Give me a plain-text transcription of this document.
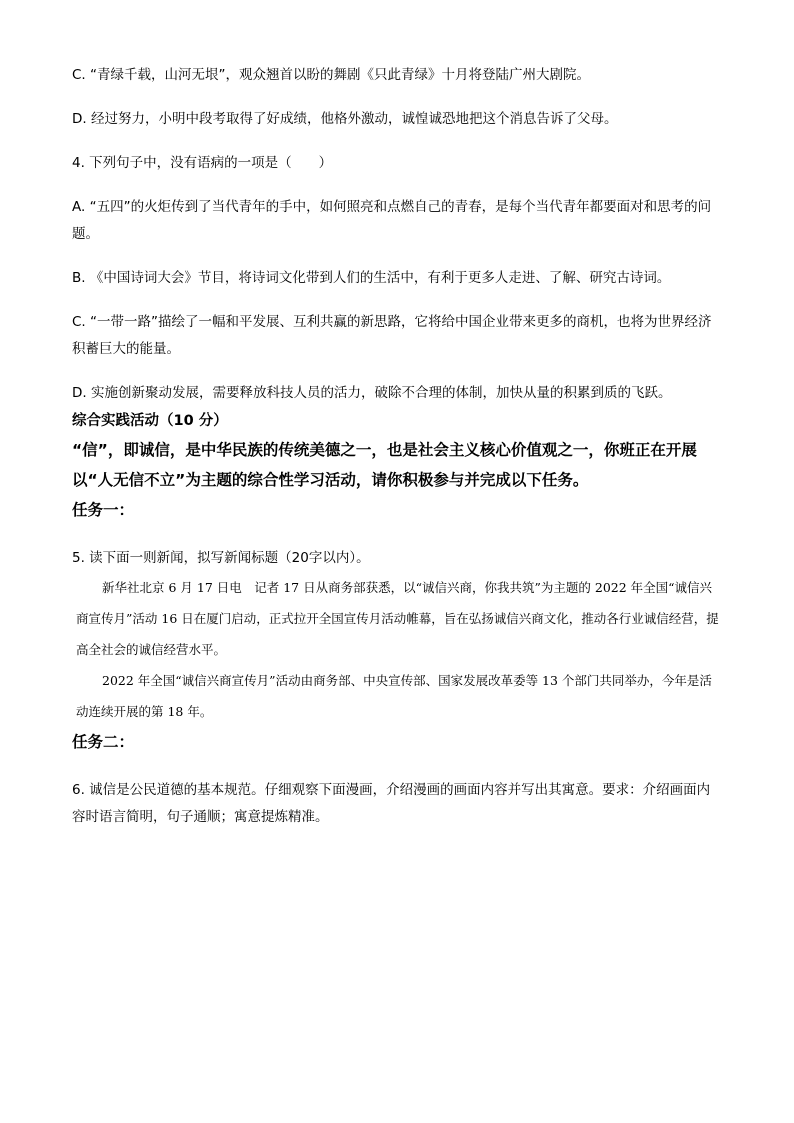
C. “青绿千载，山河无垠”，观众翘首以盼的舞剧《只此青绿》十月将登陆广州大剧院。

D. 经过努力，小明中段考取得了好成绩，他格外激动，诚惶诚恐地把这个消息告诉了父母。

4. 下列句子中，没有语病的一项是（　　）

A. “五四”的火炬传到了当代青年的手中，如何照亮和点燃自己的青春，是每个当代青年都要面对和思考的问题。

B. 《中国诗词大会》节目，将诗词文化带到人们的生活中，有利于更多人走进、了解、研究古诗词。

C. “一带一路”描绘了一幅和平发展、互利共赢的新思路，它将给中国企业带来更多的商机，也将为世界经济积蓄巨大的能量。

D. 实施创新聚动发展，需要释放科技人员的活力，破除不合理的体制，加快从量的积累到质的飞跃。

综合实践活动（10 分）

“信”，即诚信，是中华民族的传统美德之一，也是社会主义核心价值观之一，你班正在开展以“人无信不立”为主题的综合性学习活动，请你积极参与并完成以下任务。

任务一：

5. 读下面一则新闻，拟写新闻标题（20字以内）。

新华社北京 6 月 17 日电　记者 17 日从商务部获悉，以“诚信兴商，你我共筑”为主题的 2022 年全国“诚信兴商宣传月”活动 16 日在厦门启动，正式拉开全国宣传月活动帷幕，旨在弘扬诚信兴商文化，推动各行业诚信经营，提高全社会的诚信经营水平。

2022 年全国“诚信兴商宣传月”活动由商务部、中央宣传部、国家发展改革委等 13 个部门共同举办，今年是活动连续开展的第 18 年。

任务二：

6. 诚信是公民道德的基本规范。仔细观察下面漫画，介绍漫画的画面内容并写出其寓意。要求：介绍画面内容时语言简明，句子通顺；寓意提炼精准。
